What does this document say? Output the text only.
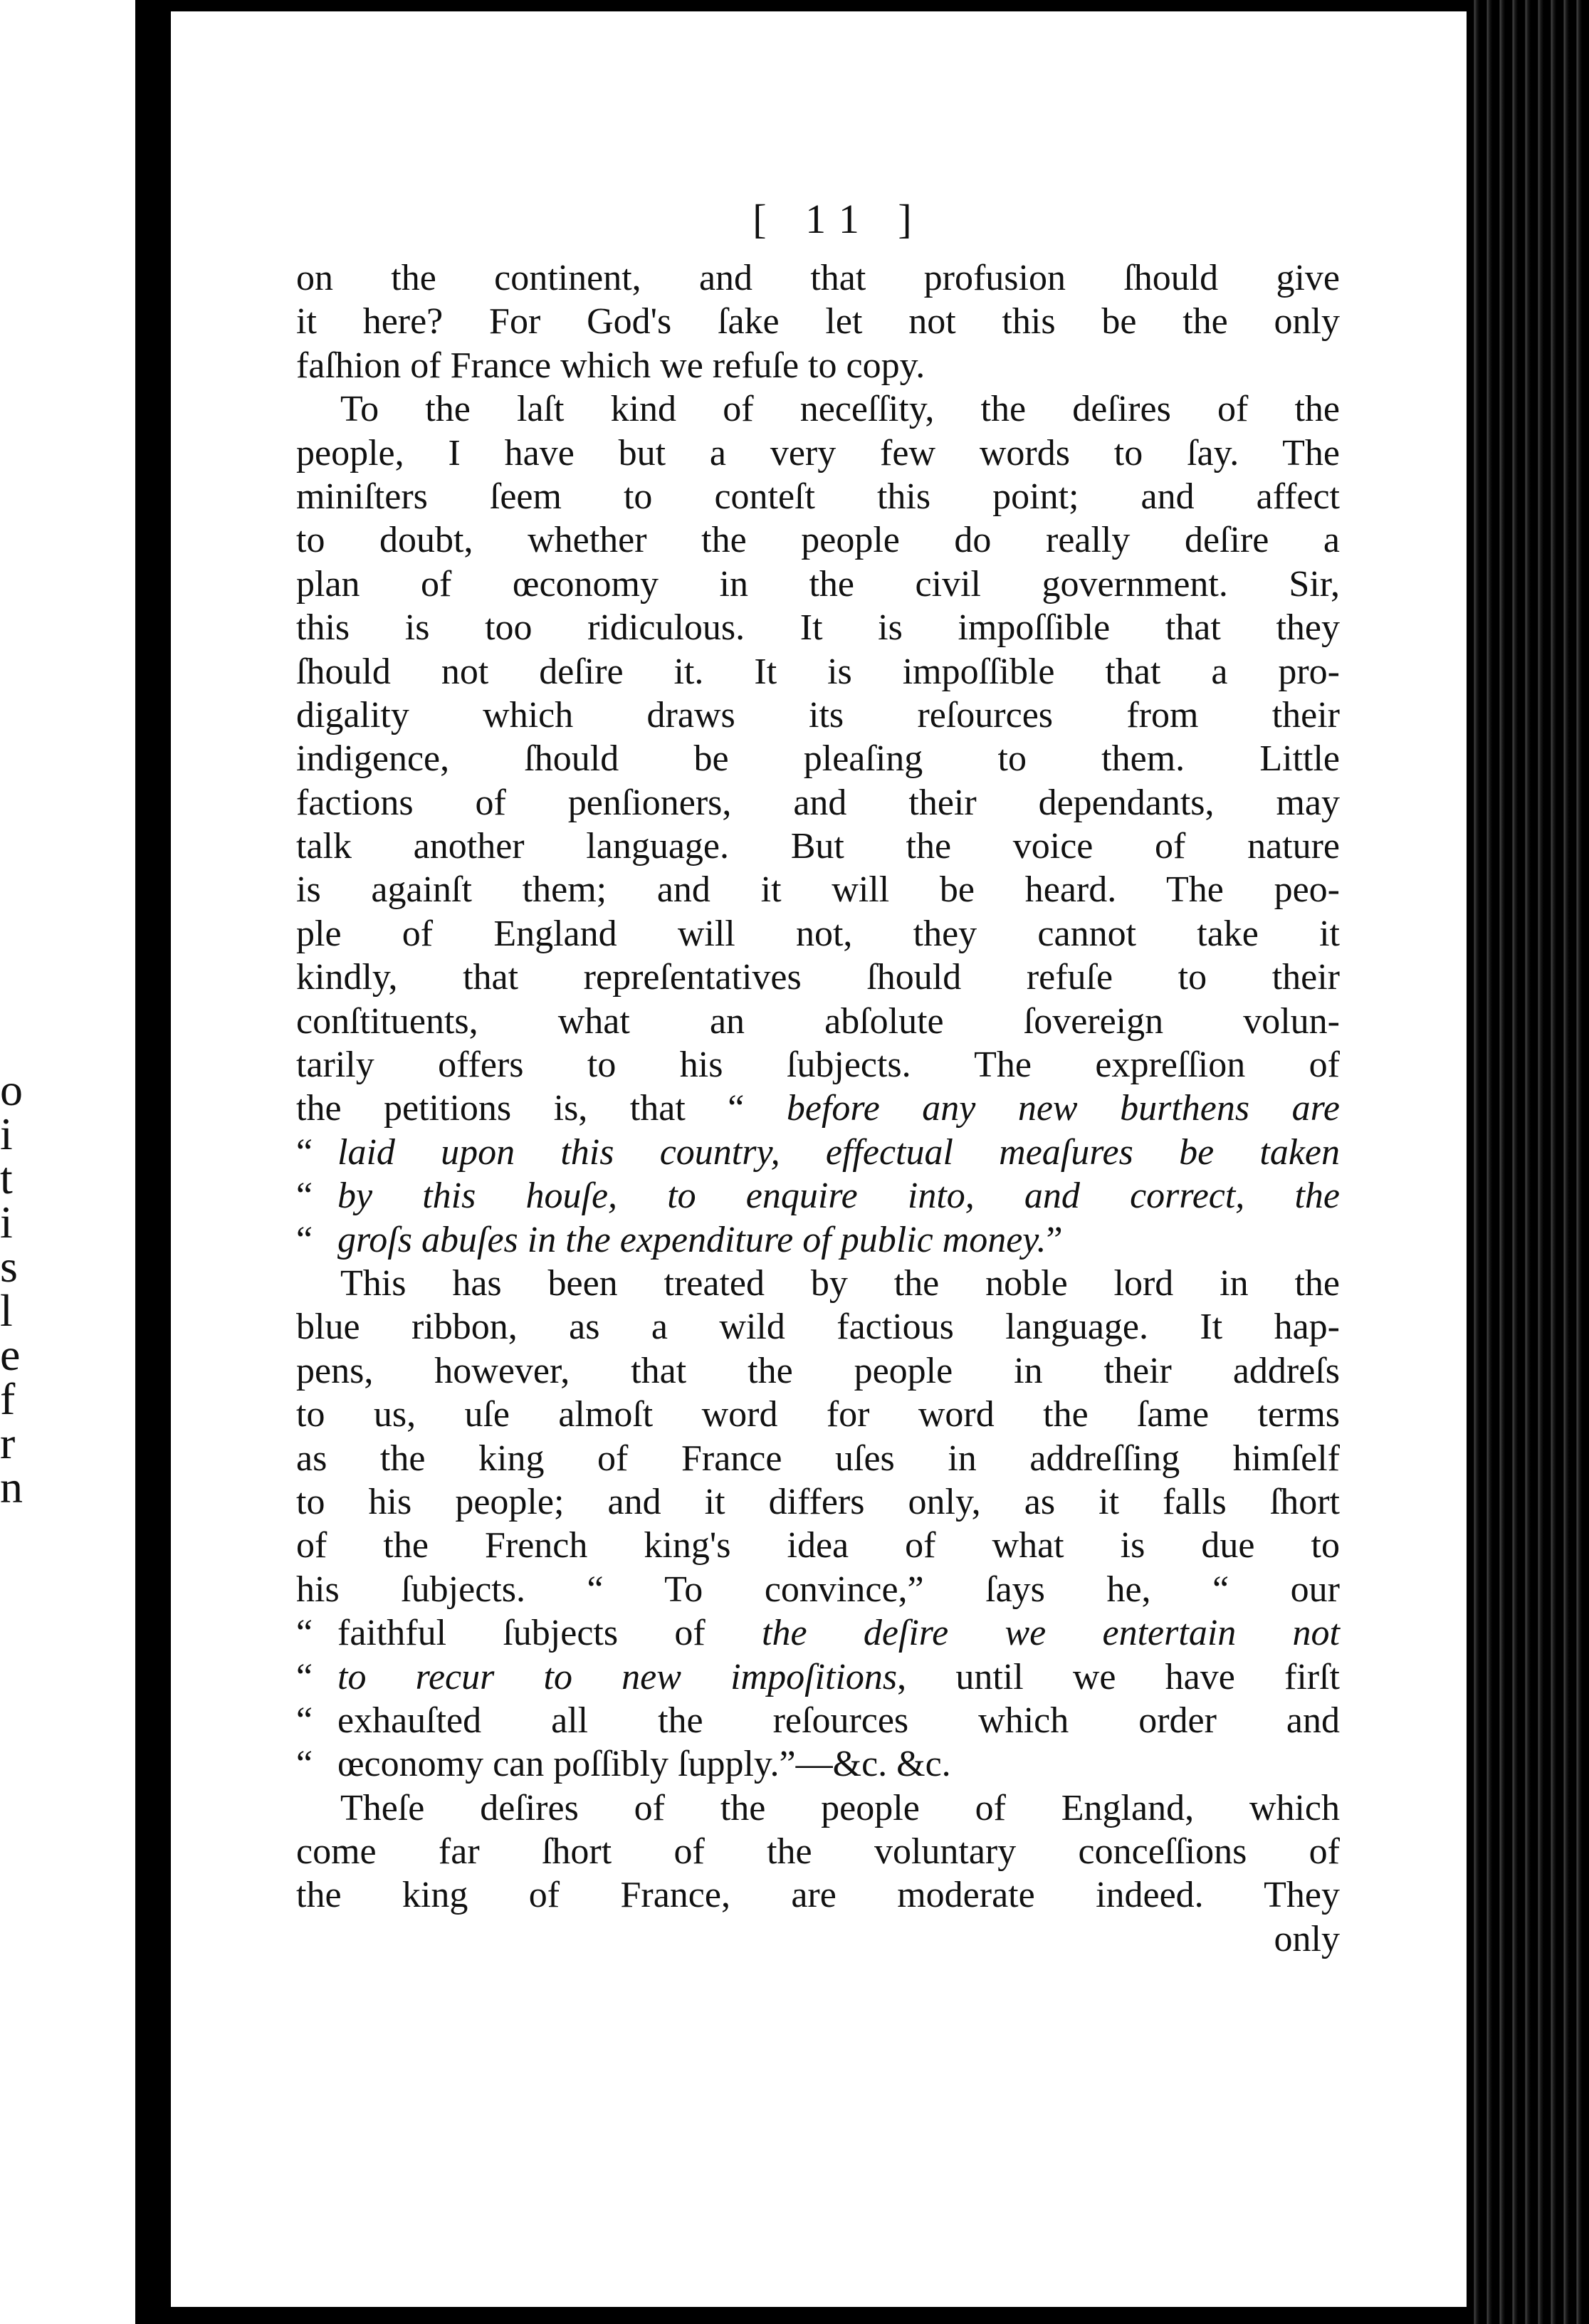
o
i
t
i
s
l
e
f
r
n
[ 11 ]
on the continent, and that profusion ſhould give
it here? For God's ſake let not this be the only
faſhion of France which we refuſe to copy.
To the laſt kind of neceſſity, the deſires of the
people, I have but a very few words to ſay. The
miniſters ſeem to conteſt this point; and affect
to doubt, whether the people do really deſire a
plan of œconomy in the civil government. Sir,
this is too ridiculous. It is impoſſible that they
ſhould not deſire it. It is impoſſible that a pro-
digality which draws its reſources from their
indigence, ſhould be pleaſing to them. Little
factions of penſioners, and their dependants, may
talk another language. But the voice of nature
is againſt them; and it will be heard. The peo-
ple of England will not, they cannot take it
kindly, that repreſentatives ſhould refuſe to their
conſtituents, what an abſolute ſovereign volun-
tarily offers to his ſubjects. The expreſſion of
the petitions is, that “ before any new burthens are
“ laid upon this country, effectual meaſures be taken
“ by this houſe, to enquire into, and correct, the
“ groſs abuſes in the expenditure of public money.”
This has been treated by the noble lord in the
blue ribbon, as a wild factious language. It hap-
pens, however, that the people in their addreſs
to us, uſe almoſt word for word the ſame terms
as the king of France uſes in addreſſing himſelf
to his people; and it differs only, as it falls ſhort
of the French king's idea of what is due to
his ſubjects. “ To convince,” ſays he, “ our
“ faithful ſubjects of the deſire we entertain not
“ to recur to new impoſitions, until we have firſt
“ exhauſted all the reſources which order and
“ œconomy can poſſibly ſupply.”—&c. &c.
Theſe deſires of the people of England, which
come far ſhort of the voluntary conceſſions of
the king of France, are moderate indeed. They
only
